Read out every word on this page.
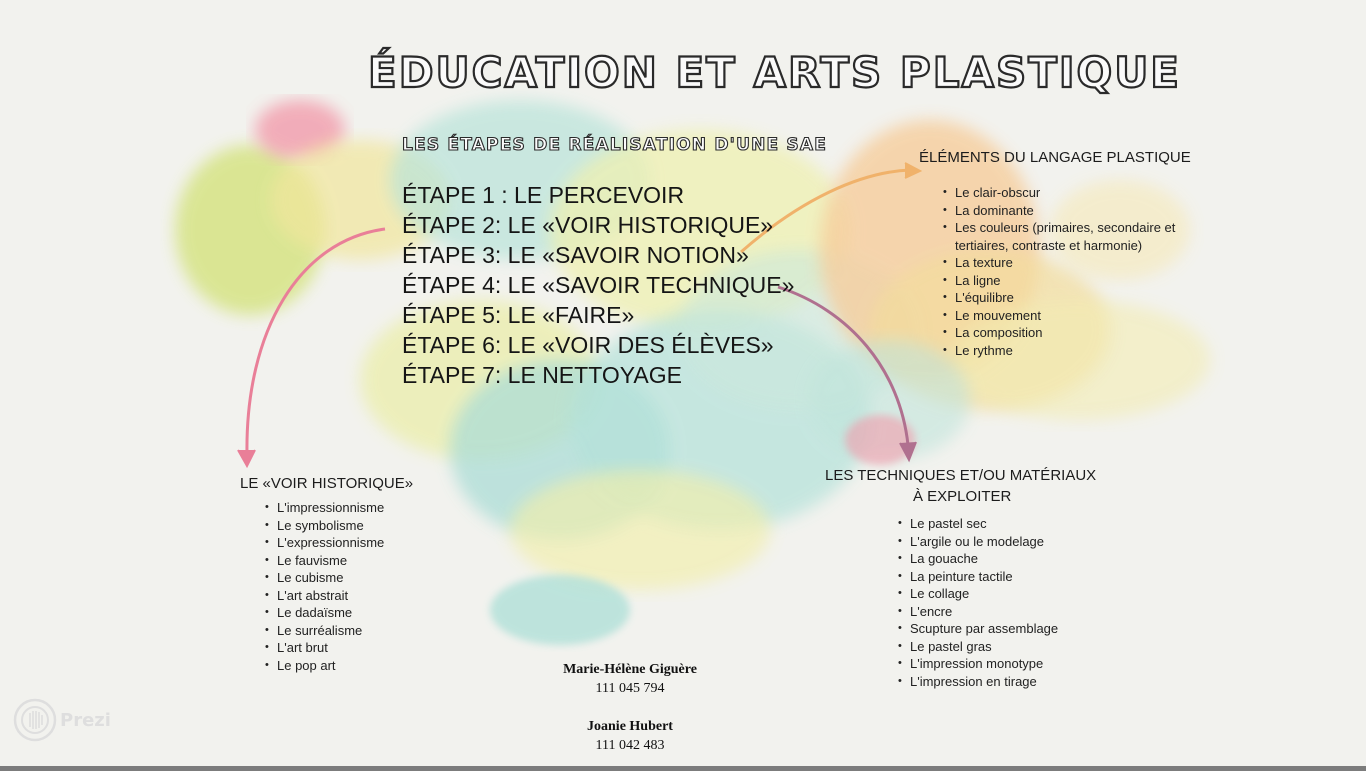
ÉDUCATION ET ARTS PLASTIQUE
LES ÉTAPES DE RÉALISATION D'UNE SAE
ÉTAPE 1 : LE PERCEVOIR
ÉTAPE 2: LE «VOIR HISTORIQUE»
ÉTAPE 3: LE «SAVOIR NOTION»
ÉTAPE 4: LE «SAVOIR TECHNIQUE»
ÉTAPE 5: LE «FAIRE»
ÉTAPE 6: LE «VOIR DES ÉLÈVES»
ÉTAPE 7: LE NETTOYAGE
ÉLÉMENTS DU LANGAGE PLASTIQUE
• Le clair-obscur
• La dominante
• Les couleurs (primaires, secondaire et tertiaires, contraste et harmonie)
• La texture
• La ligne
• L'équilibre
• Le mouvement
• La composition
• Le rythme
LE «VOIR HISTORIQUE»
• L'impressionnisme
• Le symbolisme
• L'expressionnisme
• Le fauvisme
• Le cubisme
• L'art abstrait
• Le dadaïsme
• Le surréalisme
• L'art brut
• Le pop art
LES TECHNIQUES ET/OU MATÉRIAUX
À EXPLOITER
• Le pastel sec
• L'argile ou le modelage
• La gouache
• La peinture tactile
• Le collage
• L'encre
• Scupture par assemblage
• Le pastel gras
• L'impression monotype
• L'impression en tirage
Marie-Hélène Giguère
111 045 794
Joanie Hubert
111 042 483
Prezi
